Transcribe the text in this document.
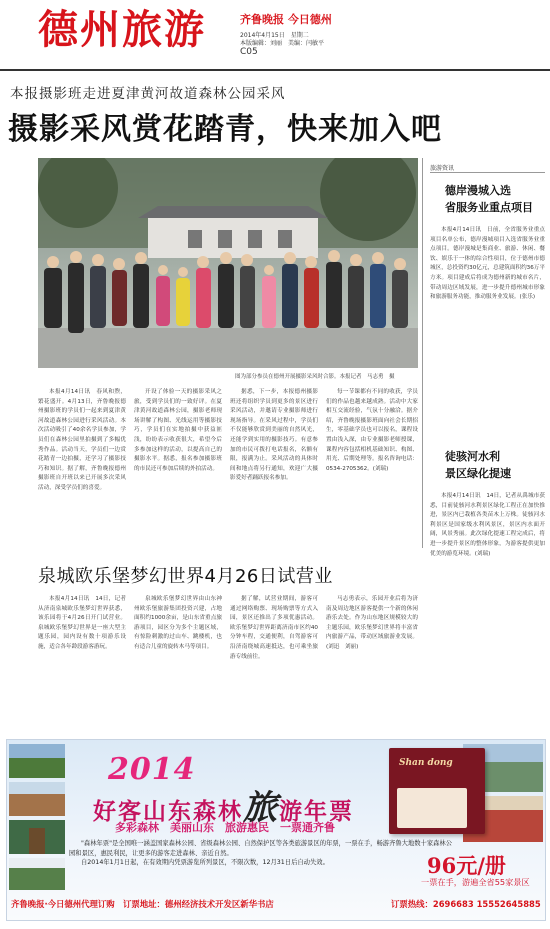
德州旅游	齐鲁晚报 今日德州
2014年4月15日　星期二
本版编辑：刘丽　美编：闫敏平
C05
本报摄影班走进夏津黄河故道森林公园采风
摄影采风赏花踏青，快来加入吧
图为部分参员在德州开展摄影采风时合影。本报记者　马志勇　摄

本报4月14日讯　春风和煦，繁花盛开。4月13日，齐鲁晚报德州摄影班的学员们一起来到夏津黄河故道森林公园进行采风活动。本次活动吸引了40余名学员参加，学员们在森林公园里拍摄到了多幅优秀作品。活动当天，学员们一边赏花踏青一边拍摄，还学习了摄影技巧和知识。据了解，齐鲁晚报德州摄影班自开班以来已开展多次采风活动，深受学员们的喜爱。

开设了体验一天的摄影采风之旅，受到学员们的一致好评。在夏津黄河故道森林公园，摄影老师现场讲解了构图、光线运用等摄影技巧，学员们在实地拍摄中获益匪浅，纷纷表示收获很大，希望今后多参加这样的活动，以提高自己的摄影水平。据悉，报名参加摄影班的市民还可参加后续的外拍活动。

据悉，下一步，本报德州摄影班还将组织学员到更多的景区进行采风活动，并邀请专业摄影师进行现场指导。在采风过程中，学员们不仅能够欣赏到美丽的自然风光，还能学到实用的摄影技巧。有意参加的市民可拨打电话报名，名额有限，报满为止。采风活动的具体时间和地点将另行通知，欢迎广大摄影爱好者踊跃报名参加。

每一节课都有不同的收获，学员们的作品也越来越成熟。活动中大家相互交流经验，气氛十分融洽。据介绍，齐鲁晚报摄影班面向社会长期招生，零基础学员也可以报名，课程设置由浅入深，由专业摄影老师授课，课程内容包括相机基础知识、构图、用光、后期处理等。报名咨询电话：0534-2705362。(刘瑞)

旅游资讯
德岸漫城入选
省服务业重点项目

本报4月14日讯　日前，全省服务业重点项目名单公布，德岸漫城项目入选省服务业重点项目。德岸漫城是集商业、旅游、休闲、餐饮、娱乐于一体的综合性项目，位于德州市德城区，总投资约30亿元，总建筑面积约36万平方米。项目建成后将成为德州新的城市名片，带动周边区域发展，进一步提升德州城市形象和旅游服务功能，推动服务业发展。(张乐)

徒骇河水利
景区绿化提速

本报4月14日讯　14日，记者从禹城市获悉，目前徒骇河水利景区绿化工程正在加快推进，景区内已栽植各类苗木上万株。徒骇河水利景区是国家级水利风景区，景区内水面开阔，风景秀丽。此次绿化提速工程完成后，将进一步提升景区的整体形象，为游客提供更加优美的游览环境。(刘瑞)

泉城欧乐堡梦幻世界4月26日试营业

本报4月14日讯　14日，记者从济南泉城欧乐堡梦幻世界获悉，该乐园将于4月26日开门试营业。泉城欧乐堡梦幻世界是一座大型主题乐园，园内设有数十项游乐设施，适合各年龄段游客游玩。

泉城欧乐堡梦幻世界由山东神州欧乐堡旅游集团投资兴建，占地面积约1000余亩，是山东省重点旅游项目，园区分为多个主题区域，有惊险刺激的过山车、跳楼机，也有适合儿童的旋转木马等项目。

据了解，试营业期间，游客可通过网络购票、现场购票等方式入园，景区还推出了多项优惠活动。欧乐堡梦幻世界距离济南市区约40分钟车程，交通便利，自驾游客可沿济南绕城高速抵达，也可乘坐旅游专线前往。

马志勇表示，乐园开业后将为济南及周边地区游客提供一个新的休闲游乐去处。作为山东地区规模较大的主题乐园，欧乐堡梦幻世界将丰富省内旅游产品，带动区域旅游业发展。(刘迅　刘丽)

2014
好客山东森林旅游年票
多彩森林　美丽山东　旅游惠民　一票通齐鲁
"森林年票"是全国唯一涵盖国家森林公园、省级森林公园、自然保护区等各类旅游景区的年票，一票在手，畅游齐鲁大地数十家森林公园和景区，惠民利民，让更多的游客走进森林、亲近自然。
自2014年1月1日起，在有效期内凭票游览所列景区，不限次数，12月31日后自动失效。
Shan dong
96元/册
一票在手，游遍全省55家景区
齐鲁晚报·今日德州代理订购　订票地址：德州经济技术开发区新华书店	订票热线：2696683 15552645885
